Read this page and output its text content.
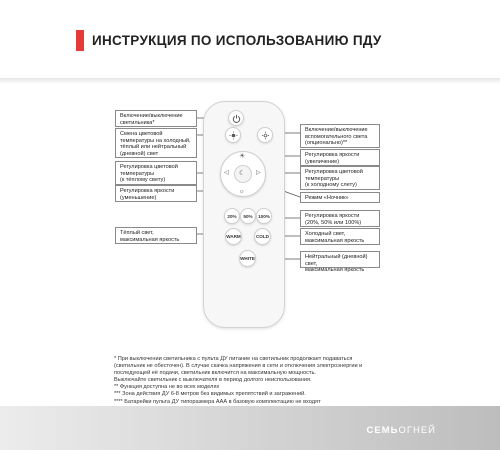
ИНСТРУКЦИЯ ПО ИСПОЛЬЗОВАНИЮ ПДУ
Включение/выключение
светильника*
Смена цветовой
температуры на холодный,
тёплый или нейтральный
(дневной) свет
Регулировка цветовой
температуры
(к тёплому свету)
Регулировка яркости
(уменьшение)
Тёплый свет,
максимальная яркость
Включение/выключение
вспомогательного света
(опционально)**
Регулировка яркости
(увеличение)
Регулировка цветовой
температуры
(к холодному слету)
Режим «Ночник»
Регулировка яркости
(20%, 50% или 100%)
Холодный свет,
максимальная яркость
Нейтральный (дневной) свет,
максимальная яркость
☾
☀
☼
◁	▷
20% 50% 100%
WARM	COLD
WHITE
* При выключении светильника с пульта ДУ питание на светильник продолжает подаваться
(светильник не обесточен). В случае скачка напряжения в сети и отключения электроэнергии и
последующей её подачи, светильник включится на максимальную мощность.
Выключайте светильник с выключателя в период долгого неиспользования.
** Функция доступна не во всех моделях
*** Зона действия ДУ 6-8 метров без видимых препятствий и загражений.
**** Батарейки пульта ДУ типоразмера ААА в базовую комплектацию не входят
СЕМЬОГНЕЙ
